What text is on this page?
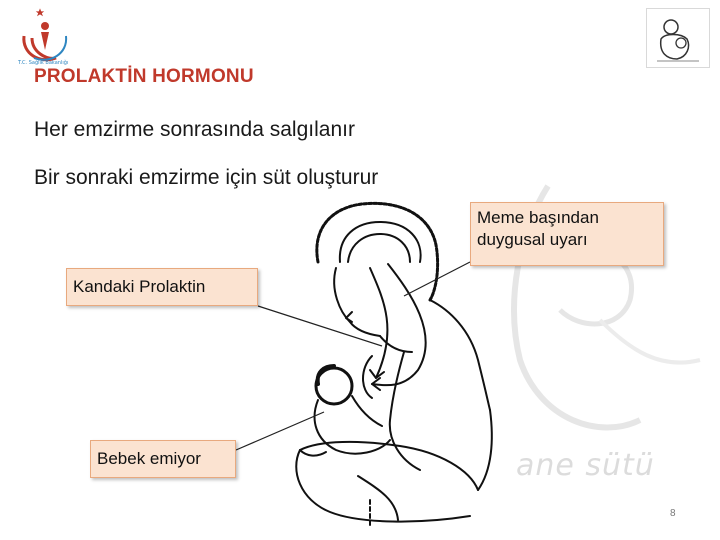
ane sütü
T.C. Sağlık Bakanlığı
PROLAKTİN HORMONU
Her emzirme sonrasında salgılanır
Bir sonraki emzirme için süt oluşturur
Meme başından
duygusal uyarı
Kandaki Prolaktin
Bebek emiyor
8
